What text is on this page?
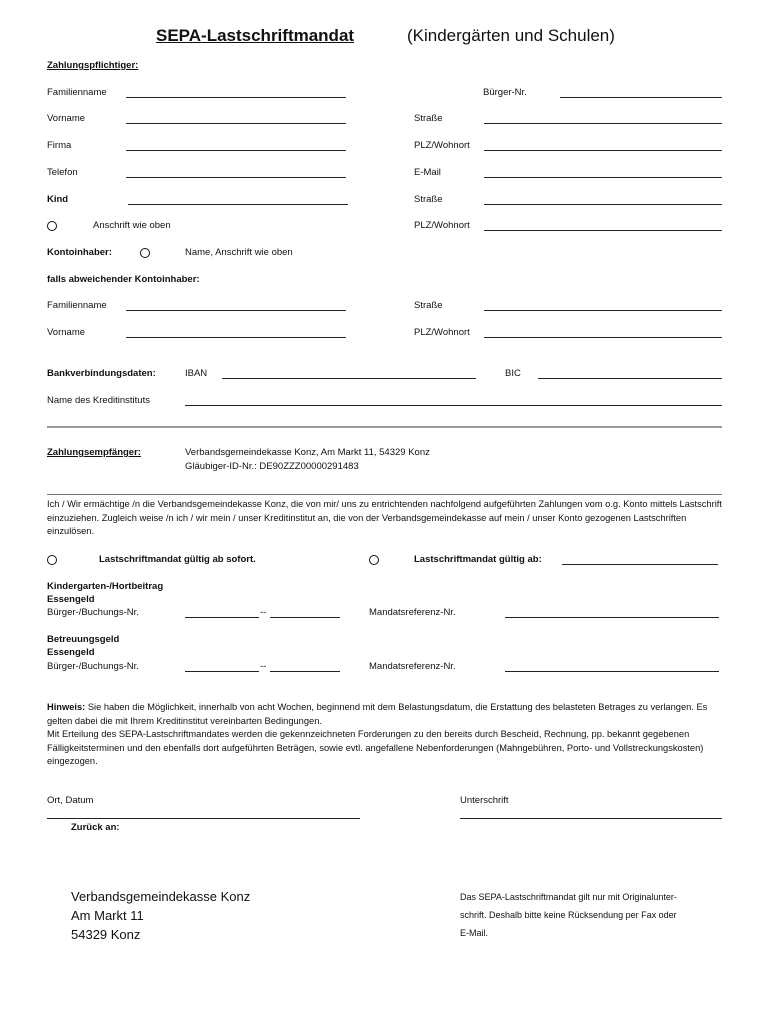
SEPA-Lastschriftmandat	(Kindergärten und Schulen)
Zahlungspflichtiger:
Familienname	Bürger-Nr.
Vorname	Straße
Firma	PLZ/Wohnort
Telefon	E-Mail
Kind	Straße
Anschrift wie oben	PLZ/Wohnort
Kontoinhaber:	Name, Anschrift wie oben
falls abweichender Kontoinhaber:
Familienname	Straße
Vorname	PLZ/Wohnort
Bankverbindungsdaten:	IBAN	BIC
Name des Kreditinstituts
Zahlungsempfänger:	Verbandsgemeindekasse Konz, Am Markt 11, 54329 Konz
Gläubiger-ID-Nr.: DE90ZZZ00000291483
Ich / Wir ermächtige /n die Verbandsgemeindekasse Konz, die von mir/ uns zu entrichtenden nachfolgend aufgeführten Zahlungen vom o.g. Konto mittels Lastschrift einzuziehen. Zugleich weise /n ich / wir mein / unser Kreditinstitut an, die von der Verbandsgemeindekasse auf mein / unser Konto gezogenen Lastschriften einzulösen.
Lastschriftmandat gültig ab sofort.	Lastschriftmandat gültig ab:
Kindergarten-/Hortbeitrag
Essengeld
Bürger-/Buchungs-Nr.	--	Mandatsreferenz-Nr.
Betreuungsgeld
Essengeld
Bürger-/Buchungs-Nr.	--	Mandatsreferenz-Nr.
Hinweis: Sie haben die Möglichkeit, innerhalb von acht Wochen, beginnend mit dem Belastungsdatum, die Erstattung des belasteten Betrages zu verlangen. Es gelten dabei die mit Ihrem Kreditinstitut vereinbarten Bedingungen.
Mit Erteilung des SEPA-Lastschriftmandates werden die gekennzeichneten Forderungen zu den bereits durch Bescheid, Rechnung, pp. bekannt gegebenen Fälligkeitsterminen und den ebenfalls dort aufgeführten Beträgen, sowie evtl. angefallene Nebenforderungen (Mahngebühren, Porto- und Vollstreckungskosten) eingezogen.
Ort, Datum	Unterschrift
Zurück an:
Verbandsgemeindekasse Konz
Am Markt 11
54329 Konz
Das SEPA-Lastschriftmandat gilt nur mit Originalunter-
schrift. Deshalb bitte keine Rücksendung per Fax oder
E-Mail.
